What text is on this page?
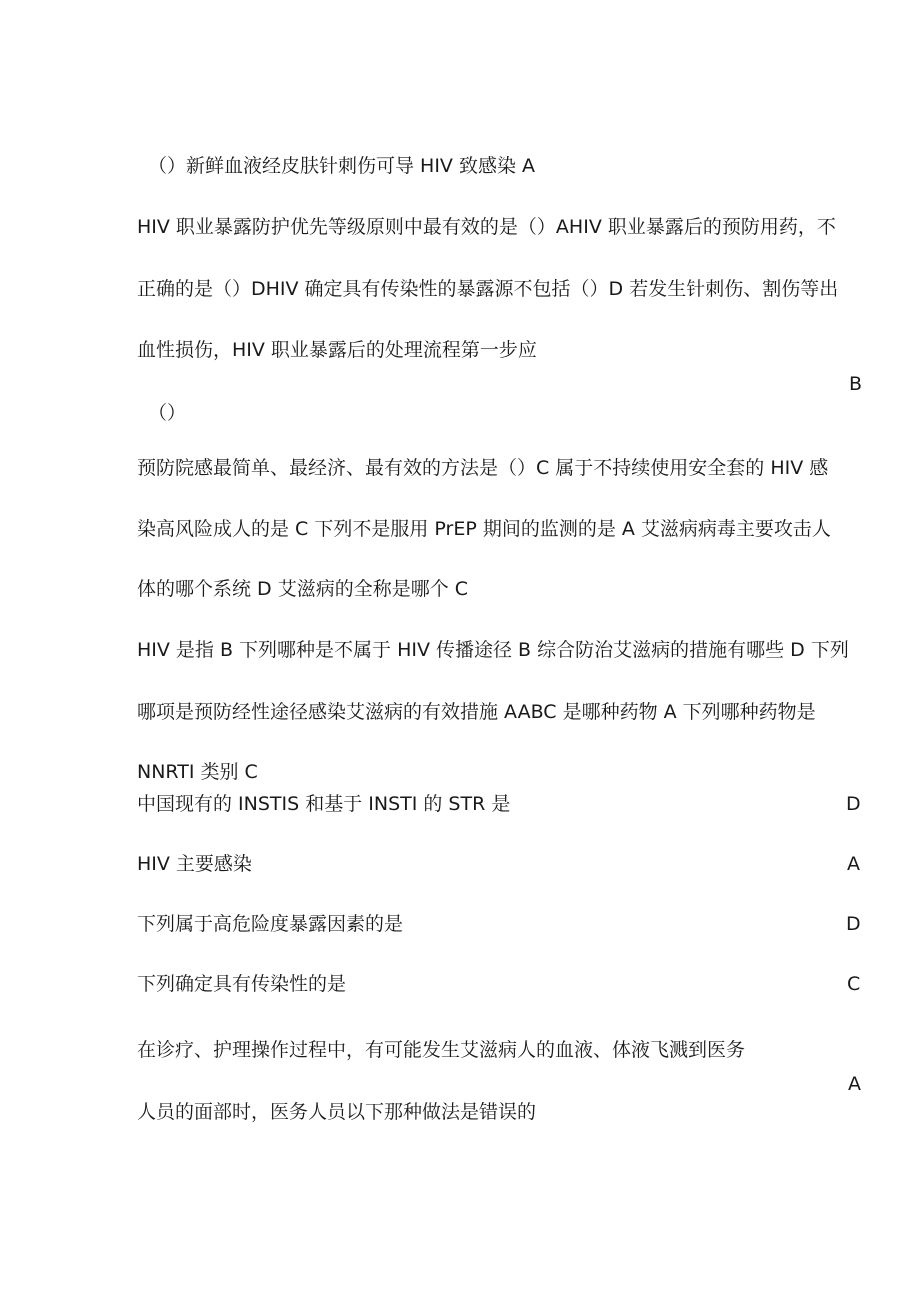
（）新鲜血液经皮肤针刺伤可导 HIV 致感染 A
HIV 职业暴露防护优先等级原则中最有效的是（）AHIV 职业暴露后的预防用药，不
正确的是（）DHIV 确定具有传染性的暴露源不包括（）D 若发生针刺伤、割伤等出
血性损伤，HIV 职业暴露后的处理流程第一步应
（）
B
预防院感最简单、最经济、最有效的方法是（）C 属于不持续使用安全套的 HIV 感
染高风险成人的是 C 下列不是服用 PrEP 期间的监测的是 A 艾滋病病毒主要攻击人
体的哪个系统 D 艾滋病的全称是哪个 C
HIV 是指 B 下列哪种是不属于 HIV 传播途径 B 综合防治艾滋病的措施有哪些 D 下列
哪项是预防经性途径感染艾滋病的有效措施 AABC 是哪种药物 A 下列哪种药物是
NNRTI 类别 C
中国现有的 INSTIS 和基于 INSTI 的 STR 是	D
HIV 主要感染	A
下列属于高危险度暴露因素的是	D
下列确定具有传染性的是	C
在诊疗、护理操作过程中，有可能发生艾滋病人的血液、体液飞溅到医务
人员的面部时，医务人员以下那种做法是错误的
A
